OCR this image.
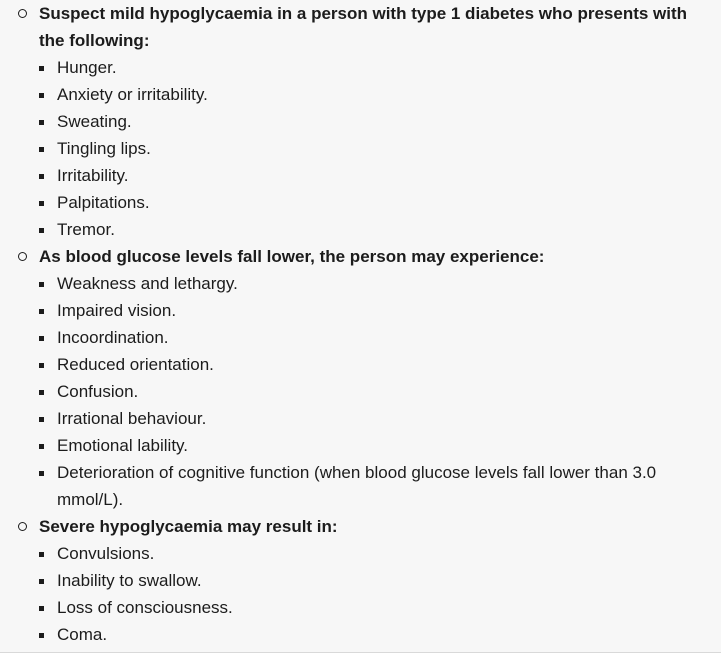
Suspect mild hypoglycaemia in a person with type 1 diabetes who presents with the following:
Hunger.
Anxiety or irritability.
Sweating.
Tingling lips.
Irritability.
Palpitations.
Tremor.
As blood glucose levels fall lower, the person may experience:
Weakness and lethargy.
Impaired vision.
Incoordination.
Reduced orientation.
Confusion.
Irrational behaviour.
Emotional lability.
Deterioration of cognitive function (when blood glucose levels fall lower than 3.0 mmol/L).
Severe hypoglycaemia may result in:
Convulsions.
Inability to swallow.
Loss of consciousness.
Coma.
